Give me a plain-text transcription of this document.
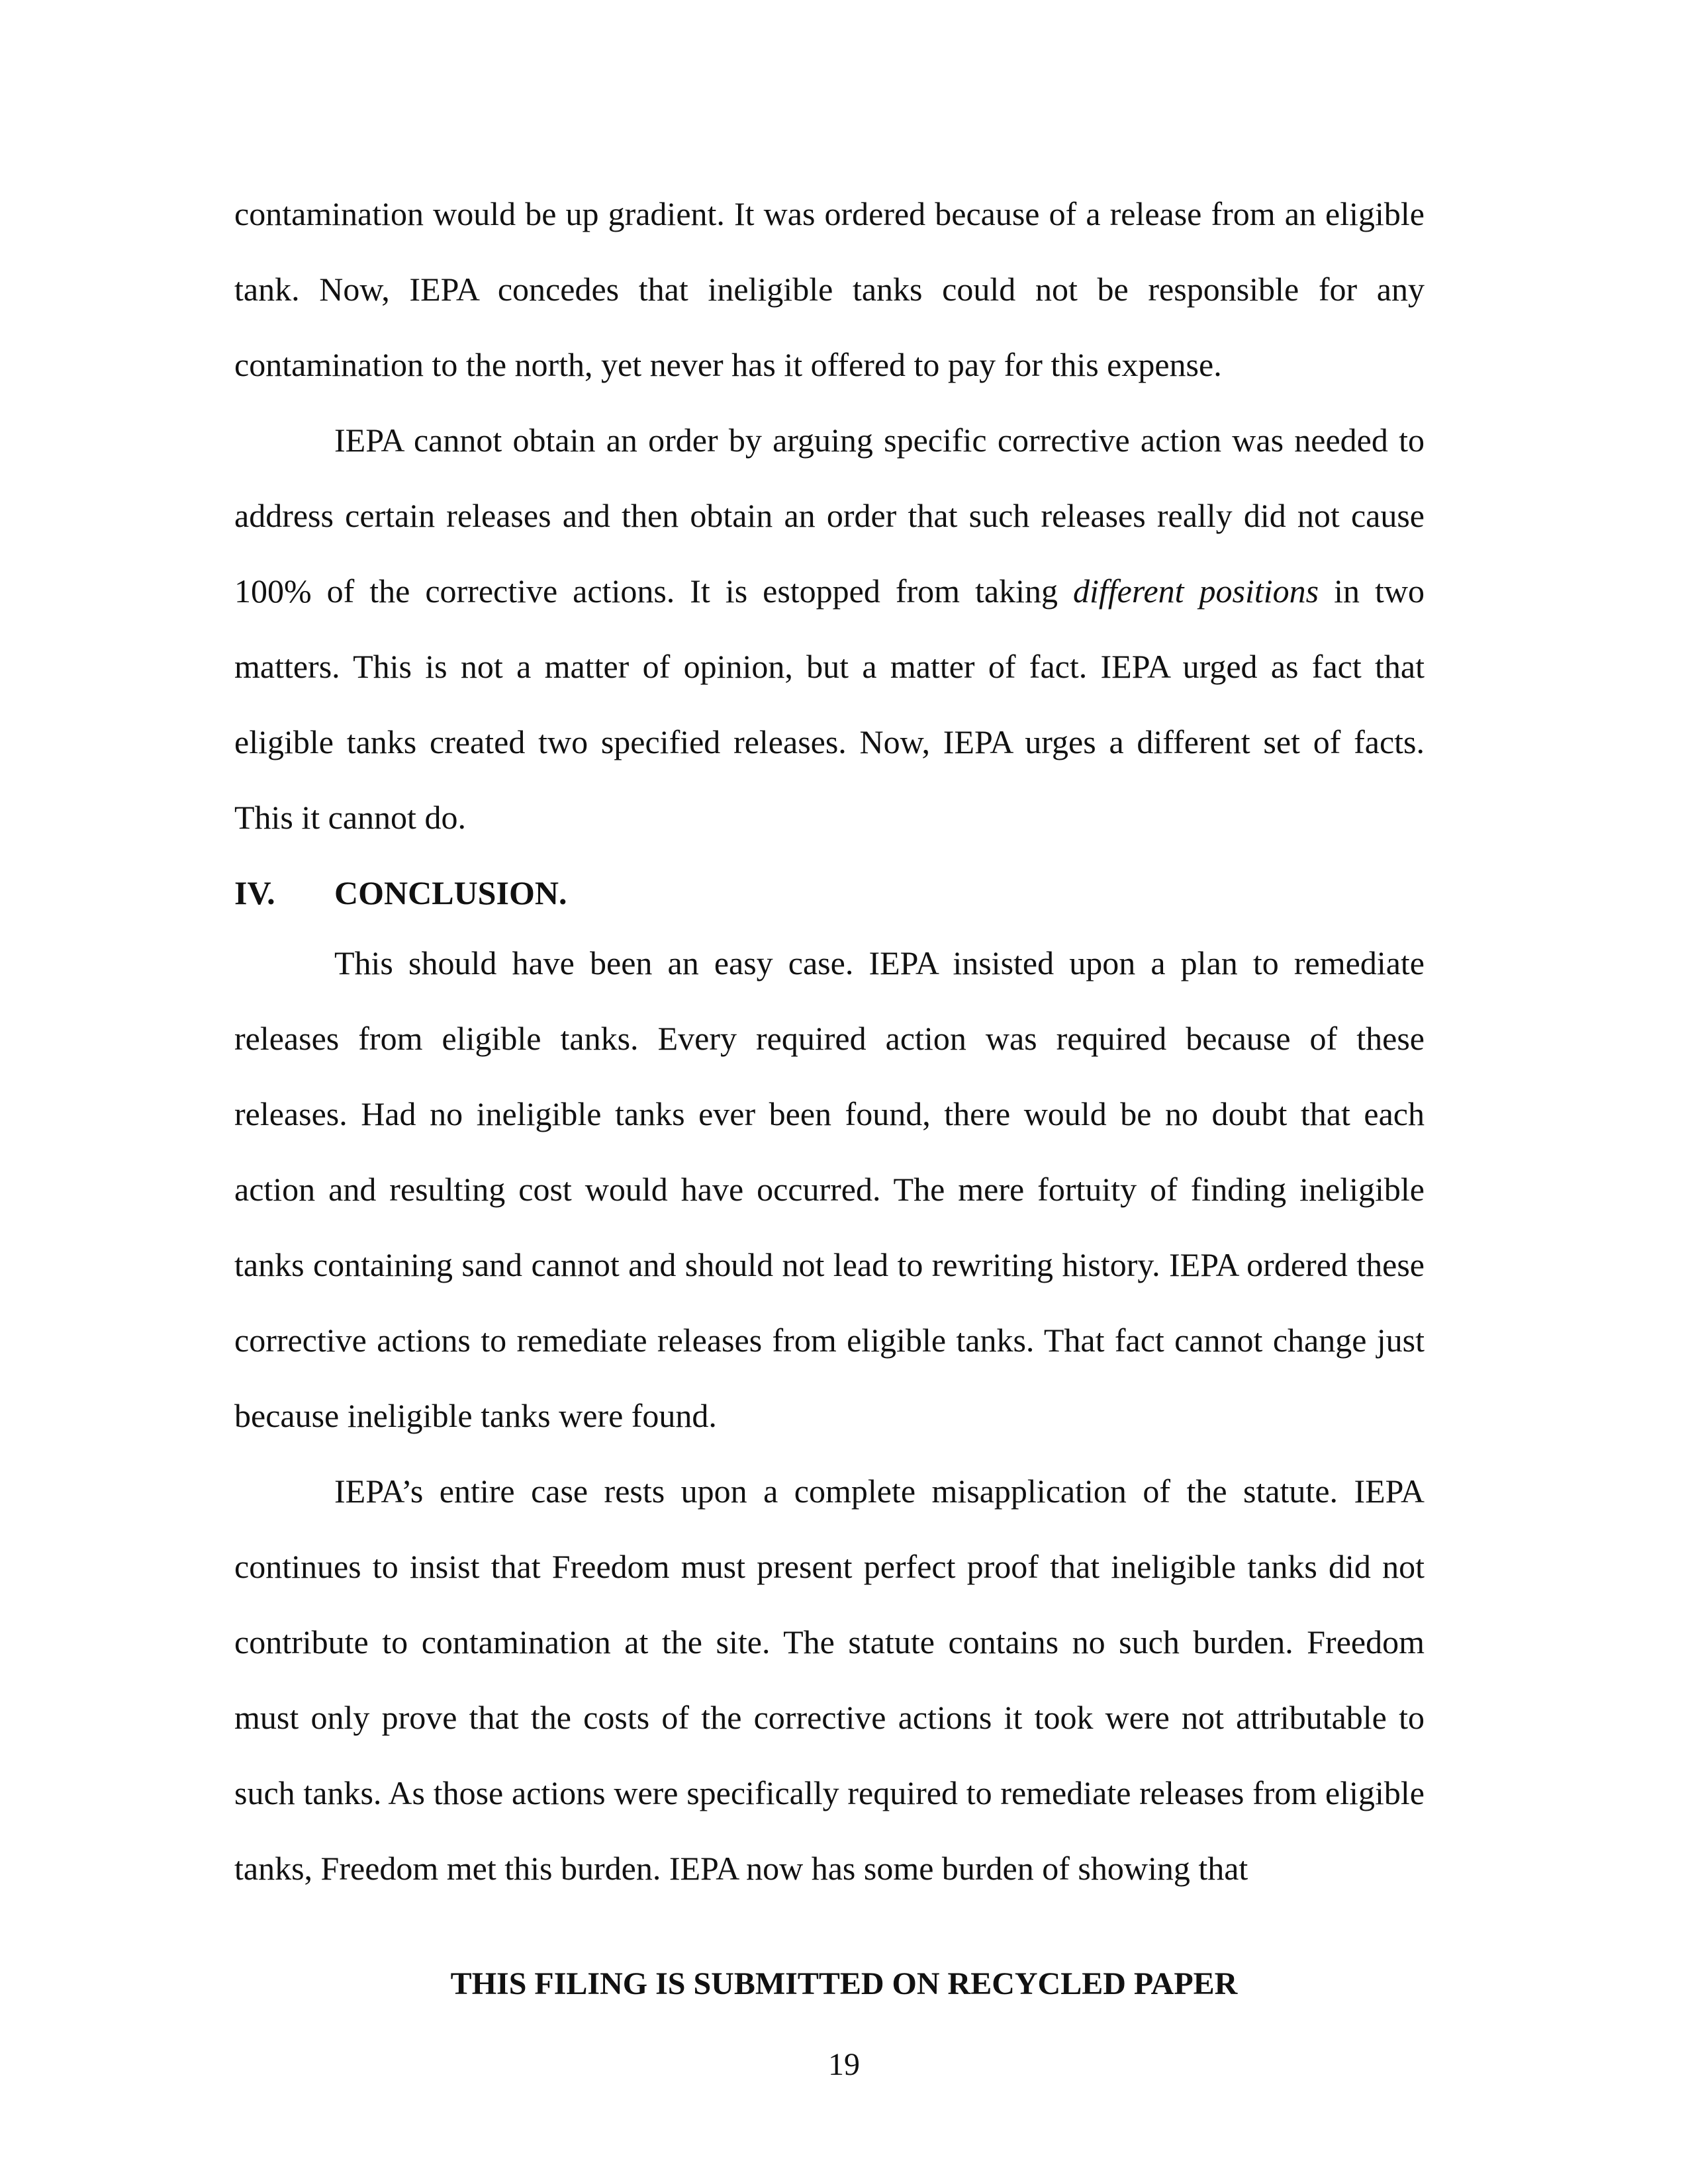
contamination would be up gradient. It was ordered because of a release from an eligible tank. Now, IEPA concedes that ineligible tanks could not be responsible for any contamination to the north, yet never has it offered to pay for this expense.

IEPA cannot obtain an order by arguing specific corrective action was needed to address certain releases and then obtain an order that such releases really did not cause 100% of the corrective actions. It is estopped from taking different positions in two matters. This is not a matter of opinion, but a matter of fact. IEPA urged as fact that eligible tanks created two specified releases. Now, IEPA urges a different set of facts. This it cannot do.

IV.	CONCLUSION.

This should have been an easy case. IEPA insisted upon a plan to remediate releases from eligible tanks. Every required action was required because of these releases. Had no ineligible tanks ever been found, there would be no doubt that each action and resulting cost would have occurred. The mere fortuity of finding ineligible tanks containing sand cannot and should not lead to rewriting history. IEPA ordered these corrective actions to remediate releases from eligible tanks. That fact cannot change just because ineligible tanks were found.

IEPA’s entire case rests upon a complete misapplication of the statute. IEPA continues to insist that Freedom must present perfect proof that ineligible tanks did not contribute to contamination at the site. The statute contains no such burden. Freedom must only prove that the costs of the corrective actions it took were not attributable to such tanks. As those actions were specifically required to remediate releases from eligible tanks, Freedom met this burden. IEPA now has some burden of showing that

THIS FILING IS SUBMITTED ON RECYCLED PAPER
19
